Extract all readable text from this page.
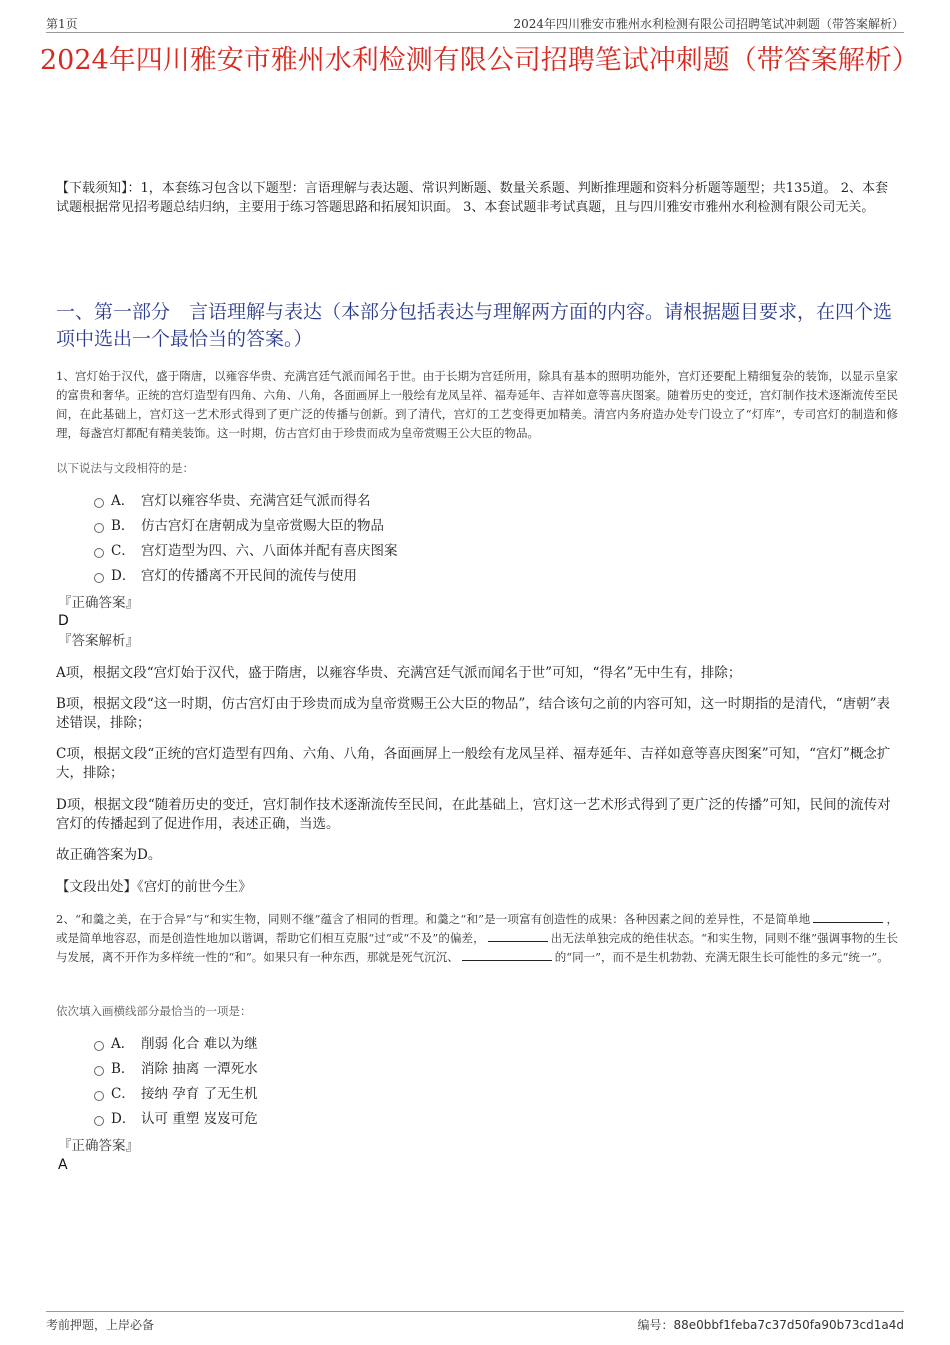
第1页	2024年四川雅安市雅州水利检测有限公司招聘笔试冲刺题（带答案解析）
2024年四川雅安市雅州水利检测有限公司招聘笔试冲刺题（带答案解析）
【下载须知】：1，本套练习包含以下题型：言语理解与表达题、常识判断题、数量关系题、判断推理题和资料分析题等题型；共135道。 2、本套试题根据常见招考题总结归纳，主要用于练习答题思路和拓展知识面。 3、本套试题非考试真题，且与四川雅安市雅州水利检测有限公司无关。
一、第一部分　言语理解与表达（本部分包括表达与理解两方面的内容。请根据题目要求，在四个选项中选出一个最恰当的答案。）
1、宫灯始于汉代，盛于隋唐，以雍容华贵、充满宫廷气派而闻名于世。由于长期为宫廷所用，除具有基本的照明功能外，宫灯还要配上精细复杂的装饰，以显示皇家的富贵和奢华。正统的宫灯造型有四角、六角、八角，各面画屏上一般绘有龙凤呈祥、福寿延年、吉祥如意等喜庆图案。随着历史的变迁，宫灯制作技术逐渐流传至民间，在此基础上，宫灯这一艺术形式得到了更广泛的传播与创新。到了清代，宫灯的工艺变得更加精美。清宫内务府造办处专门设立了“灯库”，专司宫灯的制造和修理，每盏宫灯都配有精美装饰。这一时期，仿古宫灯由于珍贵而成为皇帝赏赐王公大臣的物品。
以下说法与文段相符的是：
A． 宫灯以雍容华贵、充满宫廷气派而得名
B． 仿古宫灯在唐朝成为皇帝赏赐大臣的物品
C． 宫灯造型为四、六、八面体并配有喜庆图案
D． 宫灯的传播离不开民间的流传与使用
『正确答案』
D
『答案解析』
A项，根据文段“宫灯始于汉代，盛于隋唐，以雍容华贵、充满宫廷气派而闻名于世”可知，“得名”无中生有，排除；
B项，根据文段“这一时期，仿古宫灯由于珍贵而成为皇帝赏赐王公大臣的物品”，结合该句之前的内容可知，这一时期指的是清代，“唐朝”表述错误，排除；
C项，根据文段“正统的宫灯造型有四角、六角、八角，各面画屏上一般绘有龙凤呈祥、福寿延年、吉祥如意等喜庆图案”可知，“宫灯”概念扩大，排除；
D项，根据文段“随着历史的变迁，宫灯制作技术逐渐流传至民间，在此基础上，宫灯这一艺术形式得到了更广泛的传播”可知，民间的流传对宫灯的传播起到了促进作用，表述正确，当选。
故正确答案为D。
【文段出处】《宫灯的前世今生》
2、“和羹之美，在于合异”与“和实生物，同则不继”蕴含了相同的哲理。和羹之“和”是一项富有创造性的成果：各种因素之间的差异性，不是简单地	，或是简单地容忍，而是创造性地加以谐调，帮助它们相互克服“过”或“不及”的偏差，	出无法单独完成的绝佳状态。“和实生物，同则不继”强调事物的生长与发展，离不开作为多样统一性的“和”。如果只有一种东西，那就是死气沉沉、	的“同一”，而不是生机勃勃、充满无限生长可能性的多元“统一”。
依次填入画横线部分最恰当的一项是：
A． 削弱 化合 难以为继
B． 消除 抽离 一潭死水
C． 接纳 孕育 了无生机
D． 认可 重塑 岌岌可危
『正确答案』
A
考前押题，上岸必备	编号：88e0bbf1feba7c37d50fa90b73cd1a4d
